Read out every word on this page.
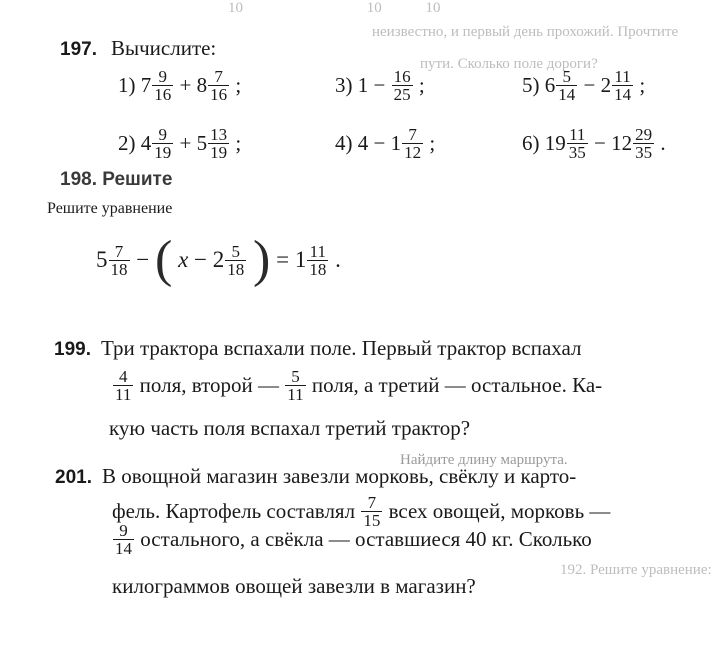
10	10	10
неизвестно, и первый день прохожий. Прочтите
пути. Сколько поле дороги?
197. Вычислите:
1) $7 \frac{9}{16} + 8 \frac{7}{16}$ ;	3) $1 - \frac{16}{25}$ ;	5) $6 \frac{5}{14} - 2 \frac{11}{14}$ ;
2) $4 \frac{9}{19} + 5 \frac{13}{19}$ ;	4) $4 - 1 \frac{7}{12}$ ;	6) $19 \frac{11}{35} - 12 \frac{29}{35}$ .
198. Решите
Решите уравнение
$5 \frac{7}{18}$ − ( $x - 2 \frac{5}{18}$ ) = $1 \frac{11}{18}$ .
199. Три трактора вспахали поле. Первый трактор вспахал
$\frac{4}{11}$ поля, второй — $\frac{5}{11}$ поля, а третий — остальное. Ка-
кую часть поля вспахал третий трактор?
Найдите длину маршрута.
201. В овощной магазин завезли морковь, свёклу и карто-
фель. Картофель составлял $\frac{7}{15}$ всех овощей, морковь —
$\frac{9}{14}$ остального, а свёкла — оставшиеся 40 кг. Сколько
килограммов овощей завезли в магазин?
192. Решите уравнение:
